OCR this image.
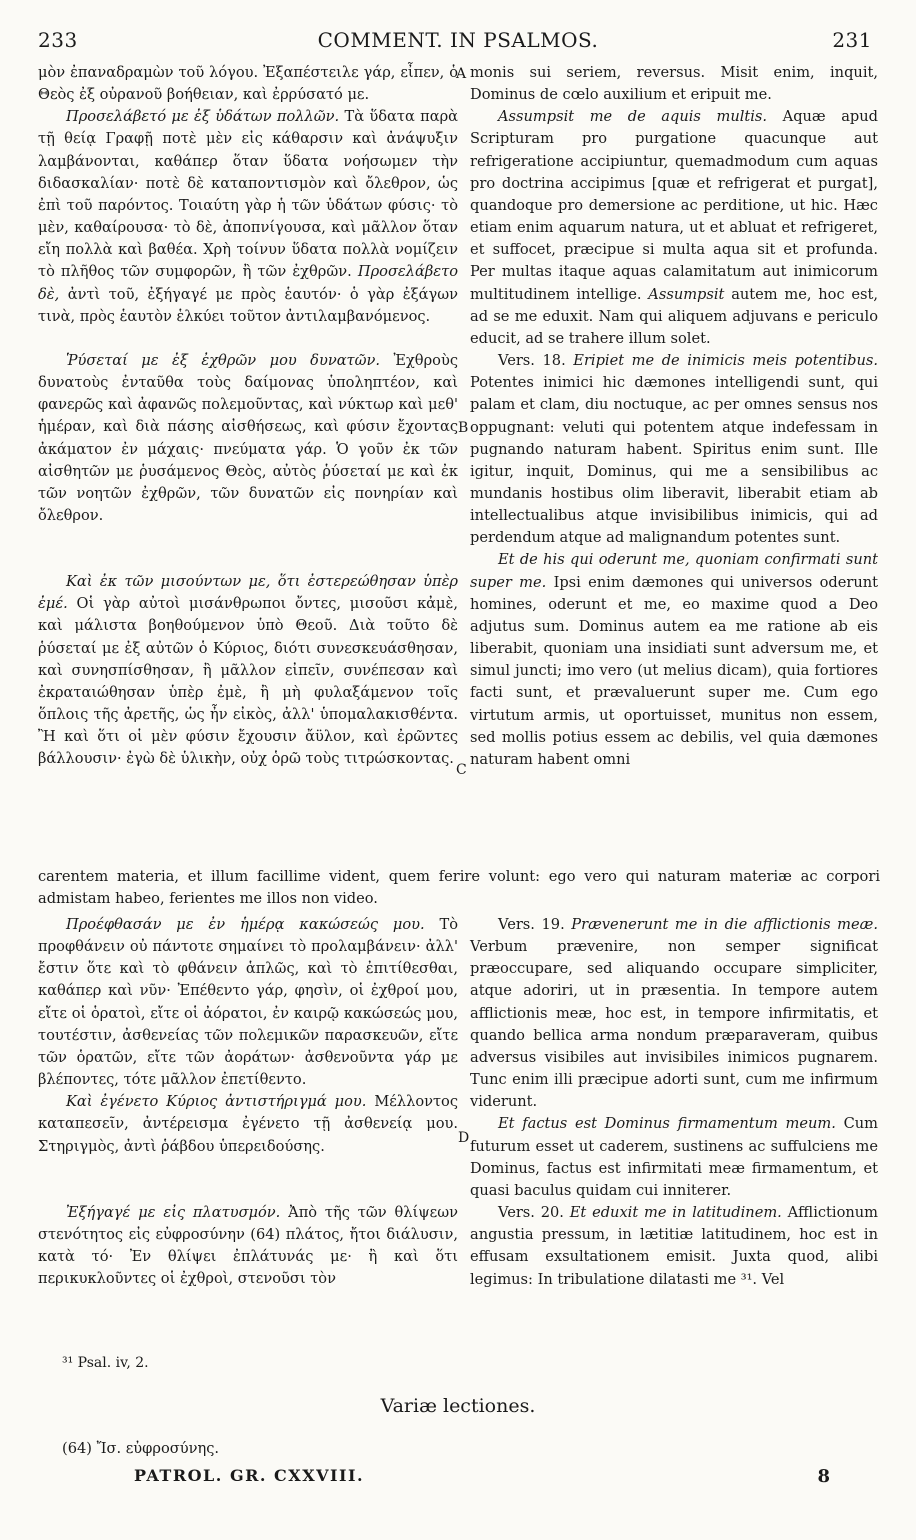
233	COMMENT. IN PSALMOS.	231
A
B
C
D

μὸν ἐπαναδραμὼν τοῦ λόγου. Ἐξαπέστειλε γάρ, εἶπεν, ὁ Θεὸς ἐξ οὐρανοῦ βοήθειαν, καὶ ἐρρύσατό με.

Προσελάβετό με ἐξ ὑδάτων πολλῶν. Τὰ ὕδατα παρὰ τῇ θείᾳ Γραφῇ ποτὲ μὲν εἰς κάθαρσιν καὶ ἀνάψυξιν λαμβάνονται, καθάπερ ὅταν ὕδατα νοήσωμεν τὴν διδασκαλίαν· ποτὲ δὲ καταποντισμὸν καὶ ὄλεθρον, ὡς ἐπὶ τοῦ παρόντος. Τοιαύτη γὰρ ἡ τῶν ὑδάτων φύσις· τὸ μὲν, καθαίρουσα· τὸ δὲ, ἀποπνίγουσα, καὶ μᾶλλον ὅταν εἴη πολλὰ καὶ βαθέα. Χρὴ τοίνυν ὕδατα πολλὰ νομίζειν τὸ πλῆθος τῶν συμφορῶν, ἢ τῶν ἐχθρῶν. Προσελάβετο δὲ, ἀντὶ τοῦ, ἐξήγαγέ με πρὸς ἑαυτόν· ὁ γὰρ ἐξάγων τινὰ, πρὸς ἑαυτὸν ἑλκύει τοῦτον ἀντιλαμβανόμενος.

Ῥύσεταί με ἐξ ἐχθρῶν μου δυνατῶν. Ἐχθροὺς δυνατοὺς ἐνταῦθα τοὺς δαίμονας ὑποληπτέον, καὶ φανερῶς καὶ ἀφανῶς πολεμοῦντας, καὶ νύκτωρ καὶ μεθ' ἡμέραν, καὶ διὰ πάσης αἰσθήσεως, καὶ φύσιν ἔχοντας ἀκάματον ἐν μάχαις· πνεύματα γάρ. Ὁ γοῦν ἐκ τῶν αἰσθητῶν με ῥυσάμενος Θεὸς, αὐτὸς ῥύσεταί με καὶ ἐκ τῶν νοητῶν ἐχθρῶν, τῶν δυνατῶν εἰς πονηρίαν καὶ ὄλεθρον.

Καὶ ἐκ τῶν μισούντων με, ὅτι ἐστερεώθησαν ὑπὲρ ἐμέ. Οἱ γὰρ αὐτοὶ μισάνθρωποι ὄντες, μισοῦσι κἀμὲ, καὶ μάλιστα βοηθούμενον ὑπὸ Θεοῦ. Διὰ τοῦτο δὲ ῥύσεταί με ἐξ αὐτῶν ὁ Κύριος, διότι συνεσκευάσθησαν, καὶ συνησπίσθησαν, ἢ μᾶλλον εἰπεῖν, συνέπεσαν καὶ ἐκραταιώθησαν ὑπὲρ ἐμὲ, ἢ μὴ φυλαξάμενον τοῖς ὅπλοις τῆς ἀρετῆς, ὡς ἦν εἰκὸς, ἀλλ' ὑπομαλακισθέντα. Ἢ καὶ ὅτι οἱ μὲν φύσιν ἔχουσιν ἄϋλον, καὶ ἐρῶντες βάλλουσιν· ἐγὼ δὲ ὑλικὴν, οὐχ ὁρῶ τοὺς τιτρώσκοντας.

monis sui seriem, reversus. Misit enim, inquit, Dominus de cœlo auxilium et eripuit me.

Assumpsit me de aquis multis. Aquæ apud Scripturam pro purgatione quacunque aut refrigeratione accipiuntur, quemadmodum cum aquas pro doctrina accipimus [quæ et refrigerat et purgat], quandoque pro demersione ac perditione, ut hic. Hæc etiam enim aquarum natura, ut et abluat et refrigeret, et suffocet, præcipue si multa aqua sit et profunda. Per multas itaque aquas calamitatum aut inimicorum multitudinem intellige. Assumpsit autem me, hoc est, ad se me eduxit. Nam qui aliquem adjuvans e periculo educit, ad se trahere illum solet.

Vers. 18. Eripiet me de inimicis meis potentibus. Potentes inimici hic dæmones intelligendi sunt, qui palam et clam, diu noctuque, ac per omnes sensus nos oppugnant: veluti qui potentem atque indefessam in pugnando naturam habent. Spiritus enim sunt. Ille igitur, inquit, Dominus, qui me a sensibilibus ac mundanis hostibus olim liberavit, liberabit etiam ab intellectualibus atque invisibilibus inimicis, qui ad perdendum atque ad malignandum potentes sunt.

Et de his qui oderunt me, quoniam confirmati sunt super me. Ipsi enim dæmones qui universos oderunt homines, oderunt et me, eo maxime quod a Deo adjutus sum. Dominus autem ea me ratione ab eis liberabit, quoniam una insidiati sunt adversum me, et simul juncti; imo vero (ut melius dicam), quia fortiores facti sunt, et prævaluerunt super me. Cum ego virtutum armis, ut oportuisset, munitus non essem, sed mollis potius essem ac debilis, vel quia dæmones naturam habent omni

carentem materia, et illum facillime vident, quem ferire volunt: ego vero qui naturam materiæ ac corpori admistam habeo, ferientes me illos non video.

Προέφθασάν με ἐν ἡμέρᾳ κακώσεώς μου. Τὸ προφθάνειν οὐ πάντοτε σημαίνει τὸ προλαμβάνειν· ἀλλ' ἔστιν ὅτε καὶ τὸ φθάνειν ἁπλῶς, καὶ τὸ ἐπιτίθεσθαι, καθάπερ καὶ νῦν· Ἐπέθεντο γάρ, φησὶν, οἱ ἐχθροί μου, εἴτε οἱ ὁρατοὶ, εἴτε οἱ ἀόρατοι, ἐν καιρῷ κακώσεώς μου, τουτέστιν, ἀσθενείας τῶν πολεμικῶν παρασκευῶν, εἴτε τῶν ὁρατῶν, εἴτε τῶν ἀοράτων· ἀσθενοῦντα γάρ με βλέποντες, τότε μᾶλλον ἐπετίθεντο.

Καὶ ἐγένετο Κύριος ἀντιστήριγμά μου. Μέλλοντος καταπεσεῖν, ἀντέρεισμα ἐγένετο τῇ ἀσθενείᾳ μου. Στηριγμὸς, ἀντὶ ῥάβδου ὑπερειδούσης.

Ἐξήγαγέ με εἰς πλατυσμόν. Ἀπὸ τῆς τῶν θλίψεων στενότητος εἰς εὐφροσύνην (64) πλάτος, ἤτοι διάλυσιν, κατὰ τό· Ἐν θλίψει ἐπλάτυνάς με· ἢ καὶ ὅτι περικυκλοῦντες οἱ ἐχθροὶ, στενοῦσι τὸν

Vers. 19. Prævenerunt me in die afflictionis meæ. Verbum prævenire, non semper significat præoccupare, sed aliquando occupare simpliciter, atque adoriri, ut in præsentia. In tempore autem afflictionis meæ, hoc est, in tempore infirmitatis, et quando bellica arma nondum præparaveram, quibus adversus visibiles aut invisibiles inimicos pugnarem. Tunc enim illi præcipue adorti sunt, cum me infirmum viderunt.

Et factus est Dominus firmamentum meum. Cum futurum esset ut caderem, sustinens ac suffulciens me Dominus, factus est infirmitati meæ firmamentum, et quasi baculus quidam cui inniterer.

Vers. 20. Et eduxit me in latitudinem. Afflictionum angustia pressum, in lætitiæ latitudinem, hoc est in effusam exsultationem emisit. Juxta quod, alibi legimus: In tribulatione dilatasti me ³¹. Vel

³¹ Psal. iv, 2.
Variæ lectiones.
(64) Ἴσ. εὐφροσύνης.
PATROL. GR. CXXVIII.	8
